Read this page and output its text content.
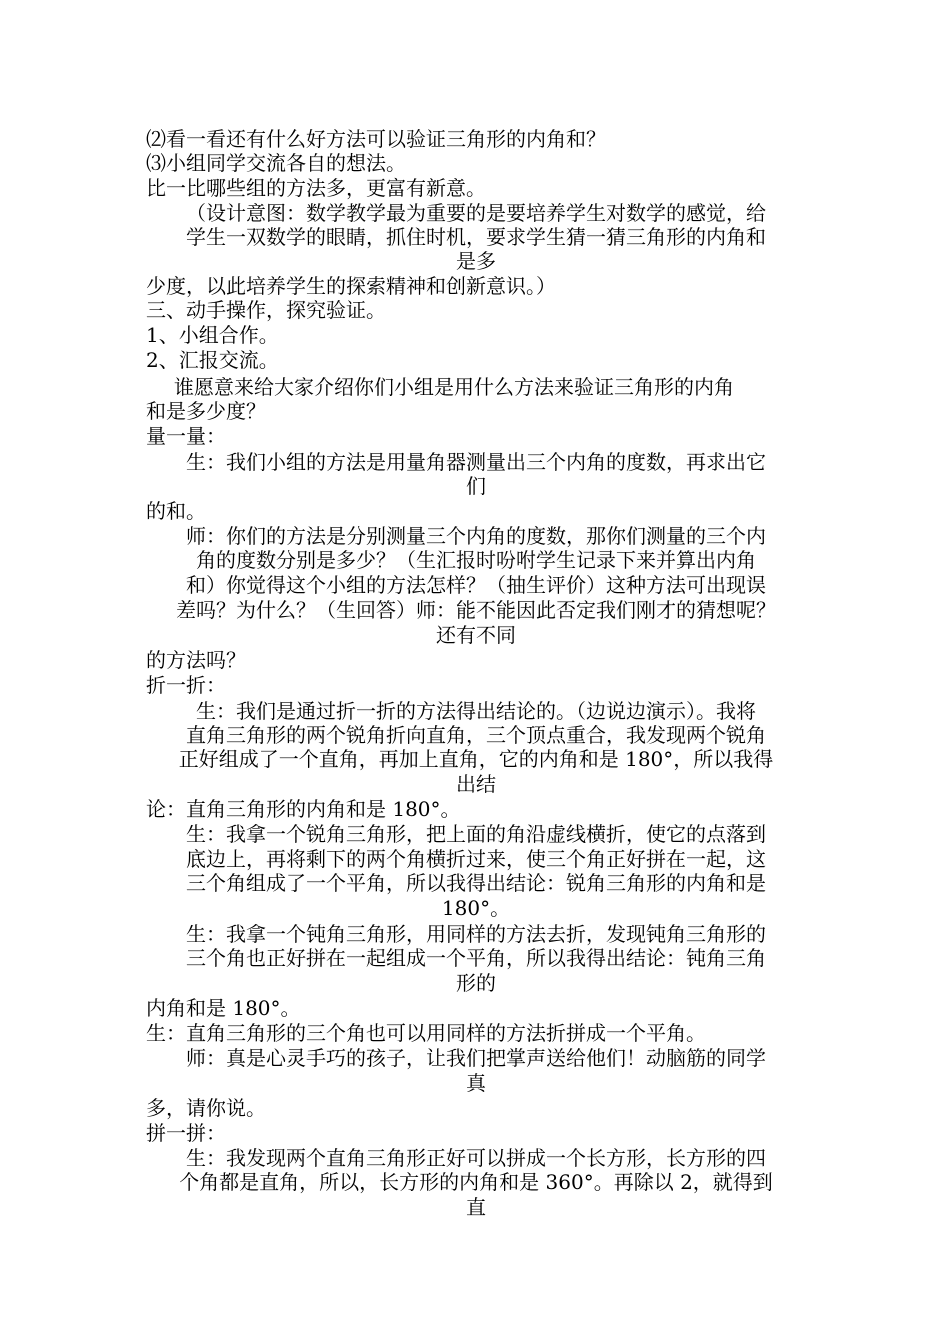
⑵看一看还有什么好方法可以验证三角形的内角和？
⑶小组同学交流各自的想法。
比一比哪些组的方法多，更富有新意。
（设计意图：数学教学最为重要的是要培养学生对数学的感觉，给
学生一双数学的眼睛，抓住时机，要求学生猜一猜三角形的内角和
是多
少度，以此培养学生的探索精神和创新意识。）
三、动手操作，探究验证。
1、小组合作。
2、汇报交流。
谁愿意来给大家介绍你们小组是用什么方法来验证三角形的内角
和是多少度？
量一量：
生：我们小组的方法是用量角器测量出三个内角的度数，再求出它
们
的和。
师：你们的方法是分别测量三个内角的度数，那你们测量的三个内
角的度数分别是多少？（生汇报时吩咐学生记录下来并算出内角
和）你觉得这个小组的方法怎样？（抽生评价）这种方法可出现误
差吗？为什么？（生回答）师：能不能因此否定我们刚才的猜想呢？
还有不同
的方法吗？
折一折：
生：我们是通过折一折的方法得出结论的。（边说边演示）。我将
直角三角形的两个锐角折向直角，三个顶点重合，我发现两个锐角
正好组成了一个直角，再加上直角，它的内角和是 180°，所以我得
出结
论：直角三角形的内角和是 180°。
生：我拿一个锐角三角形，把上面的角沿虚线横折，使它的点落到
底边上，再将剩下的两个角横折过来，使三个角正好拼在一起，这
三个角组成了一个平角，所以我得出结论：锐角三角形的内角和是
180°。
生：我拿一个钝角三角形，用同样的方法去折，发现钝角三角形的
三个角也正好拼在一起组成一个平角，所以我得出结论：钝角三角
形的
内角和是 180°。
生：直角三角形的三个角也可以用同样的方法折拼成一个平角。
师：真是心灵手巧的孩子，让我们把掌声送给他们！动脑筋的同学
真
多，请你说。
拼一拼：
生：我发现两个直角三角形正好可以拼成一个长方形，长方形的四
个角都是直角，所以，长方形的内角和是 360°。再除以 2，就得到
直
